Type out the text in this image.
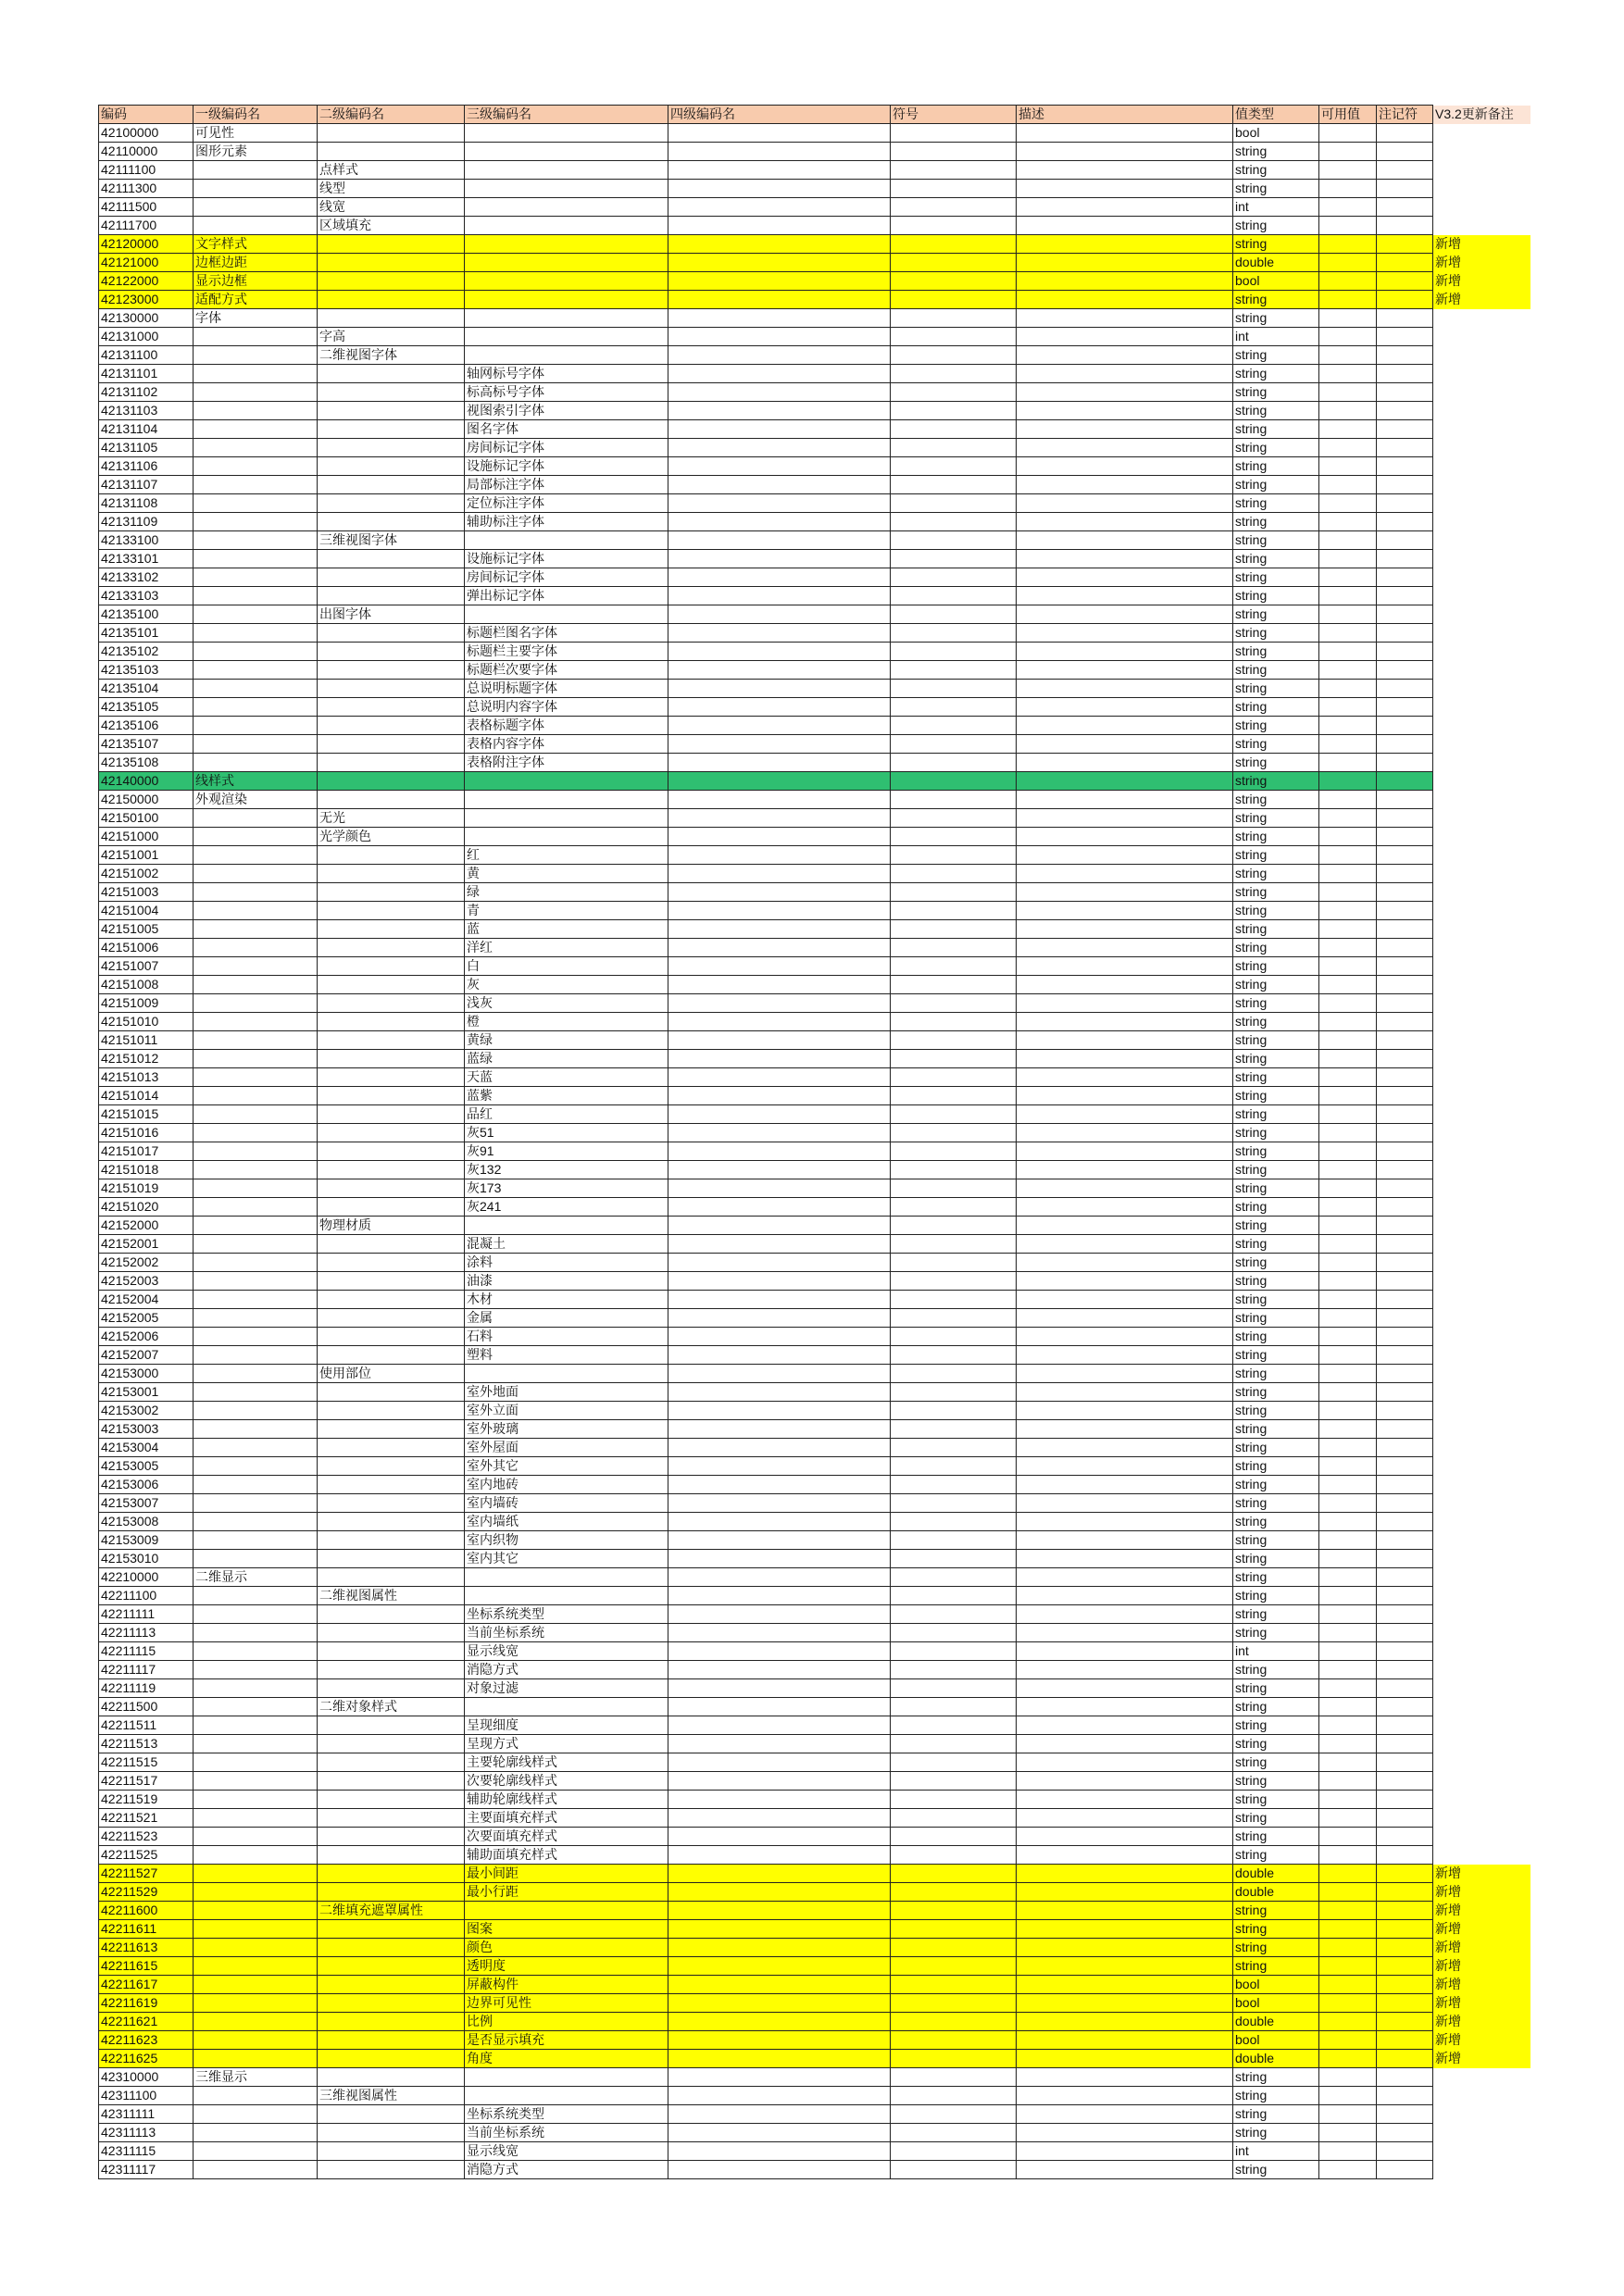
编码	一级编码名	二级编码名	三级编码名	四级编码名	符号	描述	值类型	可用值	注记符	V3.2更新备注
42100000	可见性						bool			
42110000	图形元素						string			
42111100		点样式					string			
42111300		线型					string			
42111500		线宽					int			
42111700		区域填充					string			
42120000	文字样式						string			新增
42121000	边框边距						double			新增
42122000	显示边框						bool			新增
42123000	适配方式						string			新增
42130000	字体						string			
42131000		字高					int			
42131100		二维视图字体					string			
42131101			轴网标号字体				string			
42131102			标高标号字体				string			
42131103			视图索引字体				string			
42131104			图名字体				string			
42131105			房间标记字体				string			
42131106			设施标记字体				string			
42131107			局部标注字体				string			
42131108			定位标注字体				string			
42131109			辅助标注字体				string			
42133100		三维视图字体					string			
42133101			设施标记字体				string			
42133102			房间标记字体				string			
42133103			弹出标记字体				string			
42135100		出图字体					string			
42135101			标题栏图名字体				string			
42135102			标题栏主要字体				string			
42135103			标题栏次要字体				string			
42135104			总说明标题字体				string			
42135105			总说明内容字体				string			
42135106			表格标题字体				string			
42135107			表格内容字体				string			
42135108			表格附注字体				string			
42140000	线样式						string			
42150000	外观渲染						string			
42150100		无光					string			
42151000		光学颜色					string			
42151001			红				string			
42151002			黄				string			
42151003			绿				string			
42151004			青				string			
42151005			蓝				string			
42151006			洋红				string			
42151007			白				string			
42151008			灰				string			
42151009			浅灰				string			
42151010			橙				string			
42151011			黄绿				string			
42151012			蓝绿				string			
42151013			天蓝				string			
42151014			蓝紫				string			
42151015			品红				string			
42151016			灰51				string			
42151017			灰91				string			
42151018			灰132				string			
42151019			灰173				string			
42151020			灰241				string			
42152000		物理材质					string			
42152001			混凝土				string			
42152002			涂料				string			
42152003			油漆				string			
42152004			木材				string			
42152005			金属				string			
42152006			石料				string			
42152007			塑料				string			
42153000		使用部位					string			
42153001			室外地面				string			
42153002			室外立面				string			
42153003			室外玻璃				string			
42153004			室外屋面				string			
42153005			室外其它				string			
42153006			室内地砖				string			
42153007			室内墙砖				string			
42153008			室内墙纸				string			
42153009			室内织物				string			
42153010			室内其它				string			
42210000	二维显示						string			
42211100		二维视图属性					string			
42211111			坐标系统类型				string			
42211113			当前坐标系统				string			
42211115			显示线宽				int			
42211117			消隐方式				string			
42211119			对象过滤				string			
42211500		二维对象样式					string			
42211511			呈现细度				string			
42211513			呈现方式				string			
42211515			主要轮廓线样式				string			
42211517			次要轮廓线样式				string			
42211519			辅助轮廓线样式				string			
42211521			主要面填充样式				string			
42211523			次要面填充样式				string			
42211525			辅助面填充样式				string			
42211527			最小间距				double			新增
42211529			最小行距				double			新增
42211600		二维填充遮罩属性					string			新增
42211611			图案				string			新增
42211613			颜色				string			新增
42211615			透明度				string			新增
42211617			屏蔽构件				bool			新增
42211619			边界可见性				bool			新增
42211621			比例				double			新增
42211623			是否显示填充				bool			新增
42211625			角度				double			新增
42310000	三维显示						string			
42311100		三维视图属性					string			
42311111			坐标系统类型				string			
42311113			当前坐标系统				string			
42311115			显示线宽				int			
42311117			消隐方式				string			
